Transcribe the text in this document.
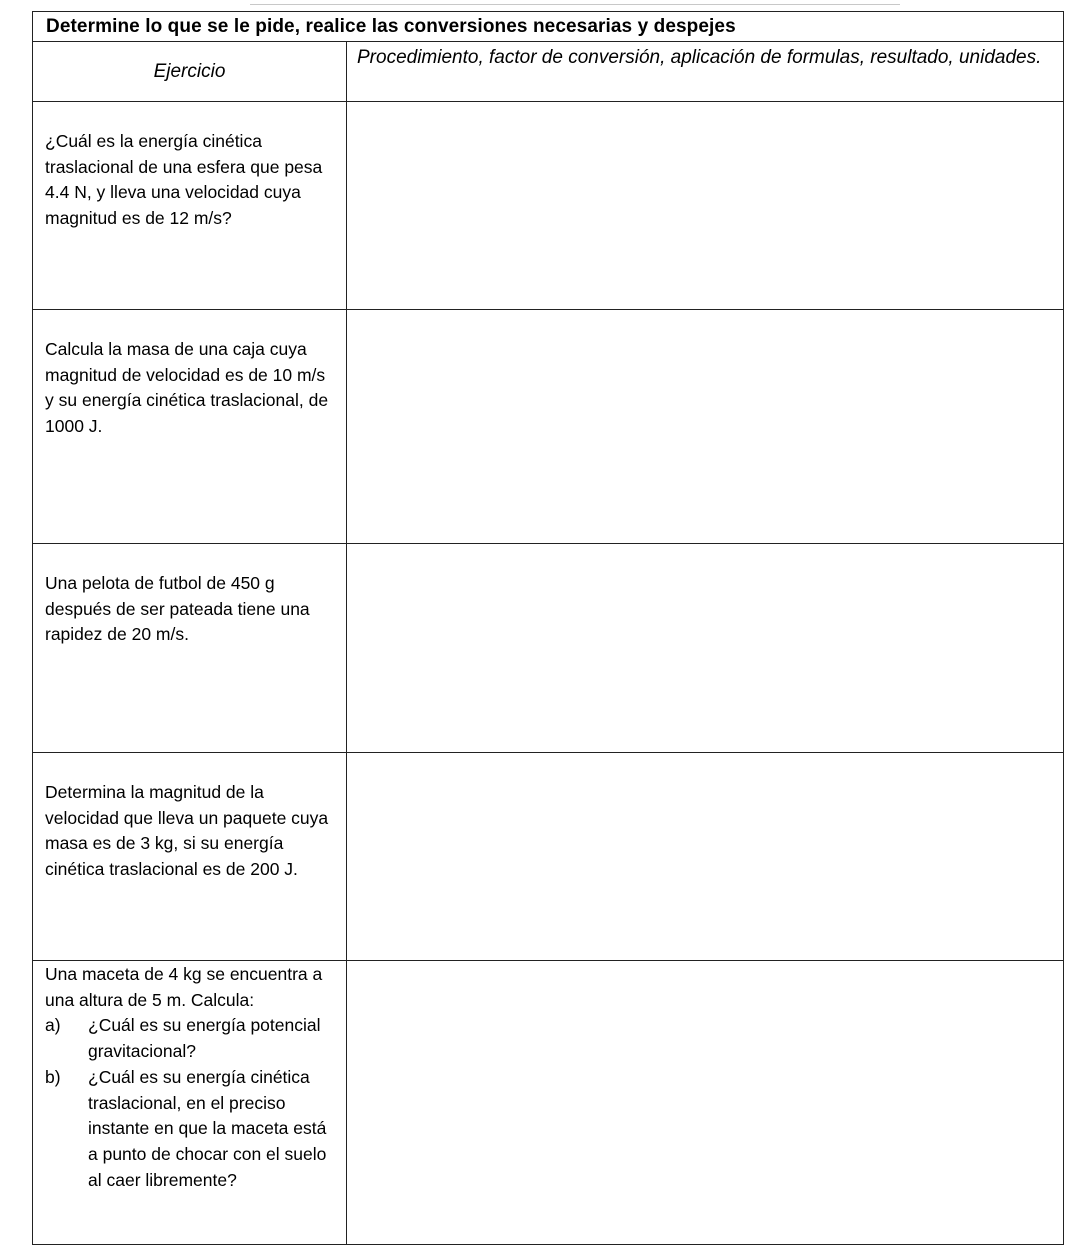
Determine lo que se le pide, realice las conversiones necesarias y despejes	
Ejercicio	Procedimiento, factor de conversión, aplicación de formulas, resultado, unidades.
¿Cuál es la energía cinética traslacional de una esfera que pesa 4.4 N, y lleva una velocidad cuya magnitud es de 12 m/s?	
Calcula la masa de una caja cuya magnitud de velocidad es de 10 m/s y su energía cinética traslacional, de 1000 J.	
Una pelota de futbol de 450 g después de ser pateada tiene una rapidez de 20 m/s.	
Determina la magnitud de la velocidad que lleva un paquete cuya masa es de 3 kg, si su energía cinética traslacional es de 200 J.	

Una maceta de 4 kg se encuentra a una altura de 5 m. Calcula:
a) ¿Cuál es su energía potencial gravitacional?
b) ¿Cuál es su energía cinética traslacional, en el preciso instante en que la maceta está a punto de chocar con el suelo al caer libremente?	
